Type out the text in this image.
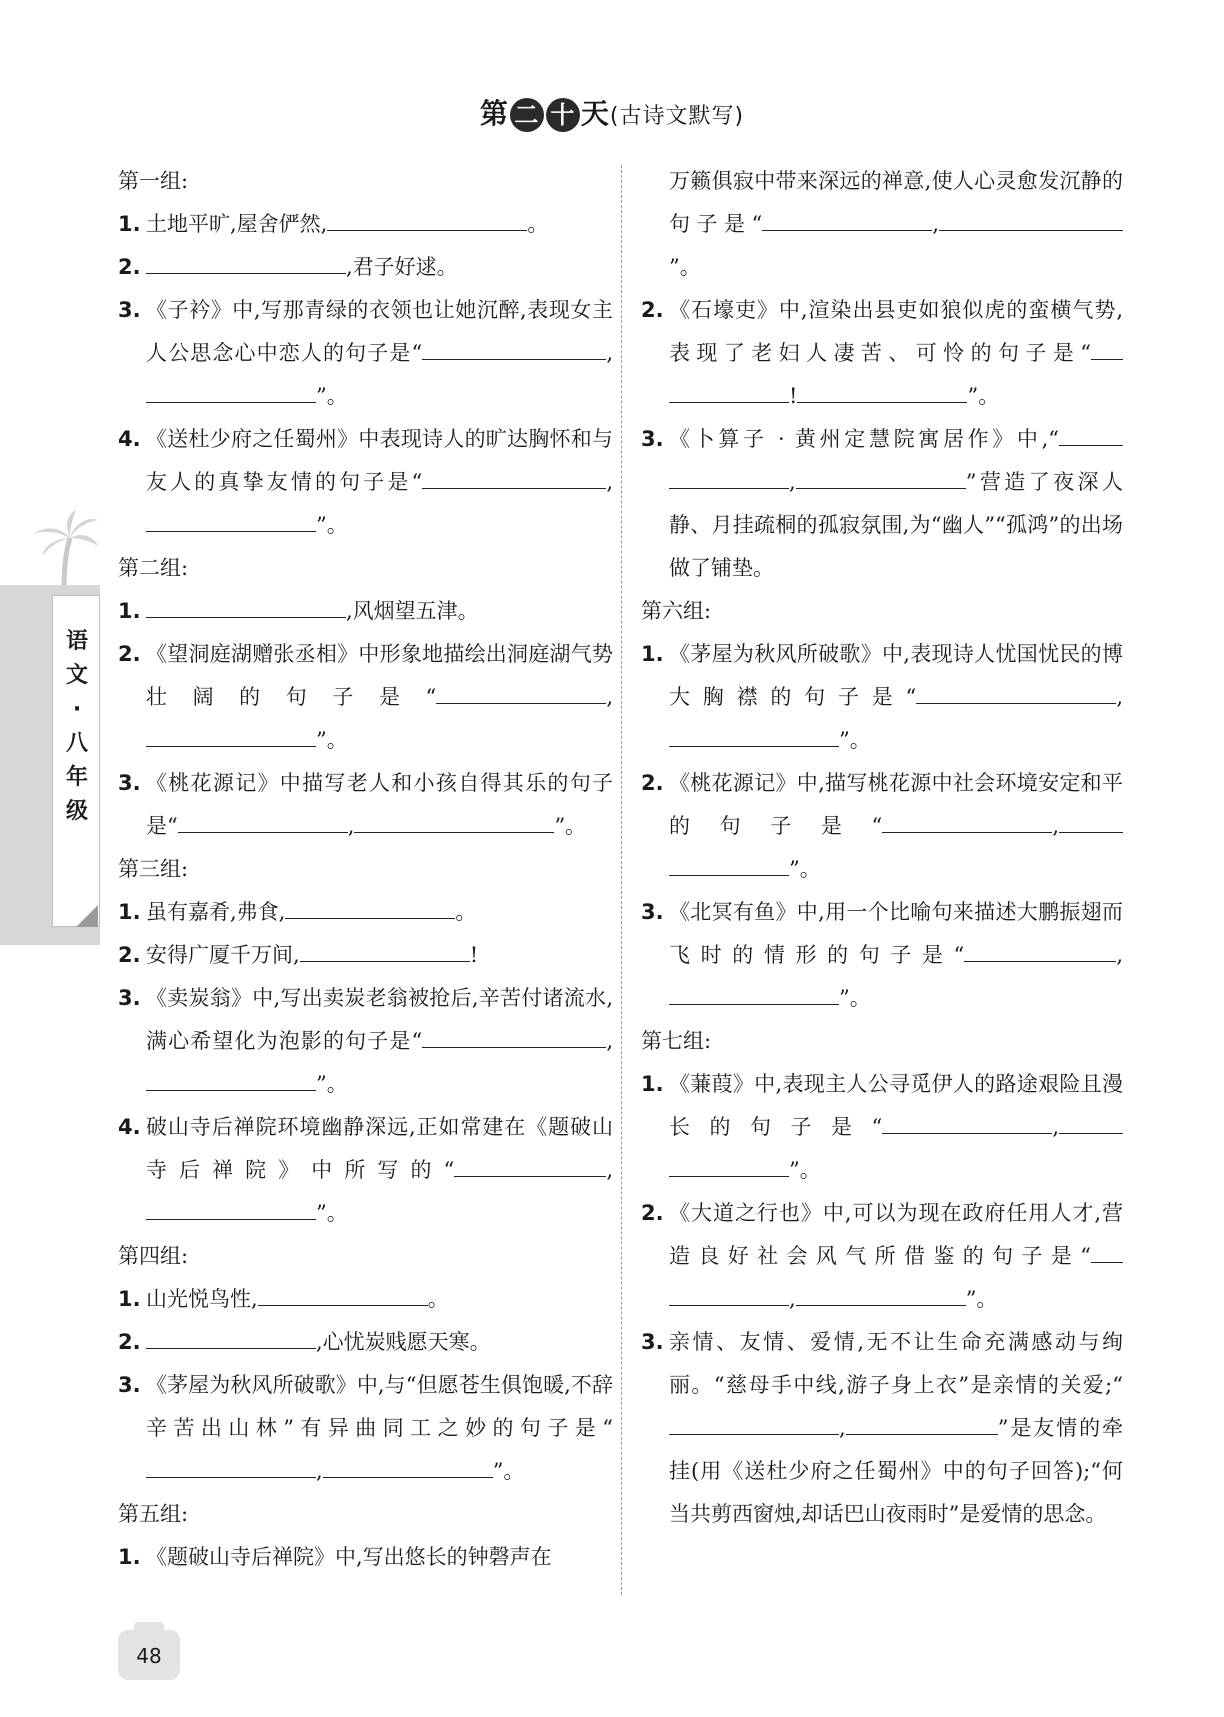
第 二 十 天(古诗文默写)
第一组:
1. 土地平旷,屋舍俨然,	。
2.	,君子好逑。
3. 《子衿》中,写那青绿的衣领也让她沉醉,表现女主人公思念心中恋人的句子是“	,”。
4. 《送杜少府之任蜀州》中表现诗人的旷达胸怀和与友人的真挚友情的句子是“	,”。
第二组:
1.	,风烟望五津。
2. 《望洞庭湖赠张丞相》中形象地描绘出洞庭湖气势壮阔的句子是“	,”。
3. 《桃花源记》中描写老人和小孩自得其乐的句子是“	,	”。
第三组:
1. 虽有嘉肴,弗食,	。
2. 安得广厦千万间,	!
3. 《卖炭翁》中,写出卖炭老翁被抢后,辛苦付诸流水,满心希望化为泡影的句子是“	,”。
4. 破山寺后禅院环境幽静深远,正如常建在《题破山寺后禅院》中所写的“	,”。
第四组:
1. 山光悦鸟性,	。
2.	,心忧炭贱愿天寒。
3. 《茅屋为秋风所破歌》中,与“但愿苍生俱饱暖,不辞辛苦出山林”有异曲同工之妙的句子是“,	”。
第五组:
1. 《题破山寺后禅院》中,写出悠长的钟磬声在
万籁俱寂中带来深远的禅意,使人心灵愈发沉静的句子是“	,”。
2. 《石壕吏》中,渲染出县吏如狼似虎的蛮横气势,表现了老妇人凄苦、可怜的句子是“!	”。
3. 《卜算子 · 黄州定慧院寓居作》中,“,	”营造了夜深人静、月挂疏桐的孤寂氛围,为“幽人”“孤鸿”的出场做了铺垫。
第六组:
1. 《茅屋为秋风所破歌》中,表现诗人忧国忧民的博大胸襟的句子是“	,”。
2. 《桃花源记》中,描写桃花源中社会环境安定和平的句子是“	,”。
3. 《北冥有鱼》中,用一个比喻句来描述大鹏振翅而飞时的情形的句子是“	,”。
第七组:
1. 《蒹葭》中,表现主人公寻觅伊人的路途艰险且漫长的句子是“	,”。
2. 《大道之行也》中,可以为现在政府任用人才,营造良好社会风气所借鉴的句子是“,	”。
3. 亲情、友情、爱情,无不让生命充满感动与绚丽。“慈母手中线,游子身上衣”是亲情的关爱;“,	”是友情的牵挂(用《送杜少府之任蜀州》中的句子回答);“何当共剪西窗烛,却话巴山夜雨时”是爱情的思念。
语
文
·
八
年
级
48
